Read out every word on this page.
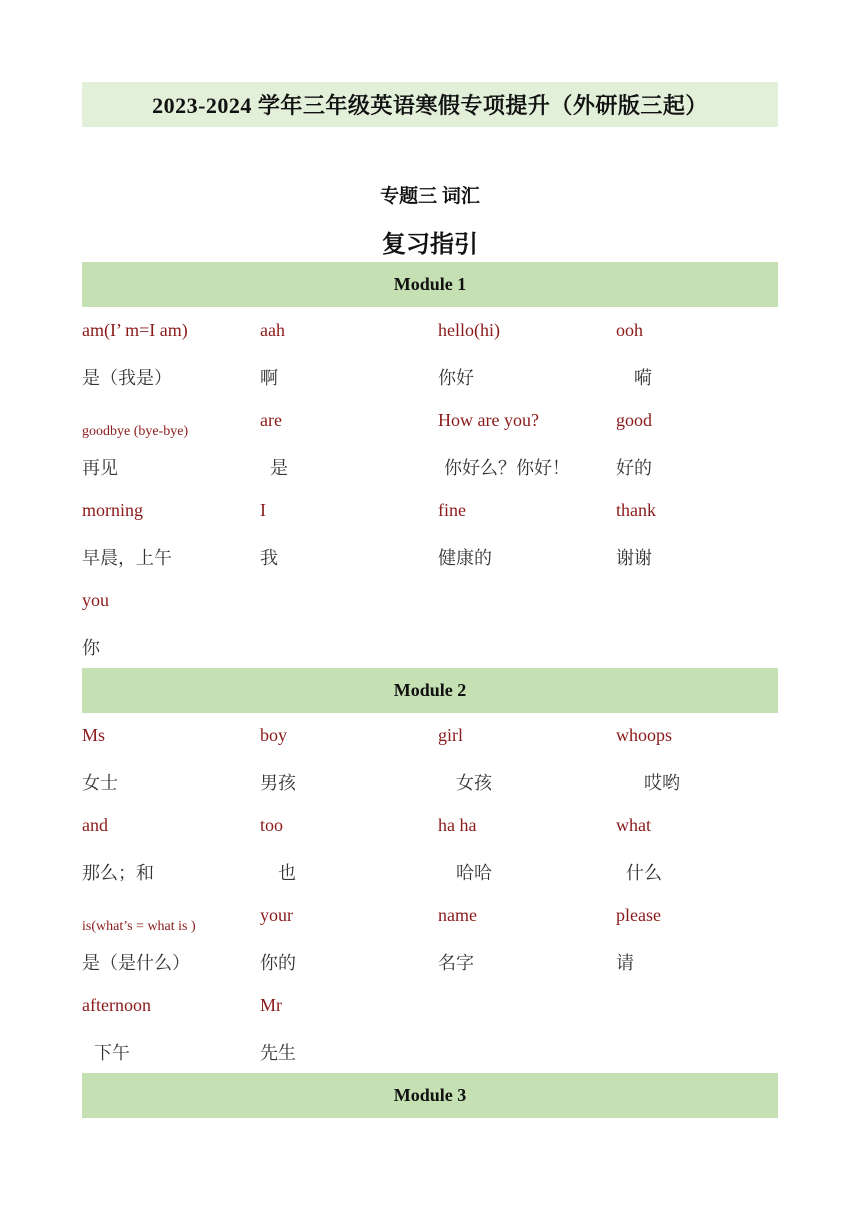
2023-2024 学年三年级英语寒假专项提升（外研版三起）
专题三 词汇
复习指引
Module 1
am(I’ m=I am)
是（我是）
aah
啊
hello(hi)
你好
ooh
嗬
goodbye (bye-bye)
再见
are
是
How are you?
你好么？你好！
good
好的
morning
早晨，上午
I
我
fine
健康的
thank
谢谢
you
你
Module 2
Ms
女士
boy
男孩
girl
女孩
whoops
哎哟
and
那么；和
too
也
ha ha
哈哈
what
什么
is(what’s = what is )
是（是什么）
your
你的
name
名字
please
请
afternoon
下午
Mr
先生
Module 3
